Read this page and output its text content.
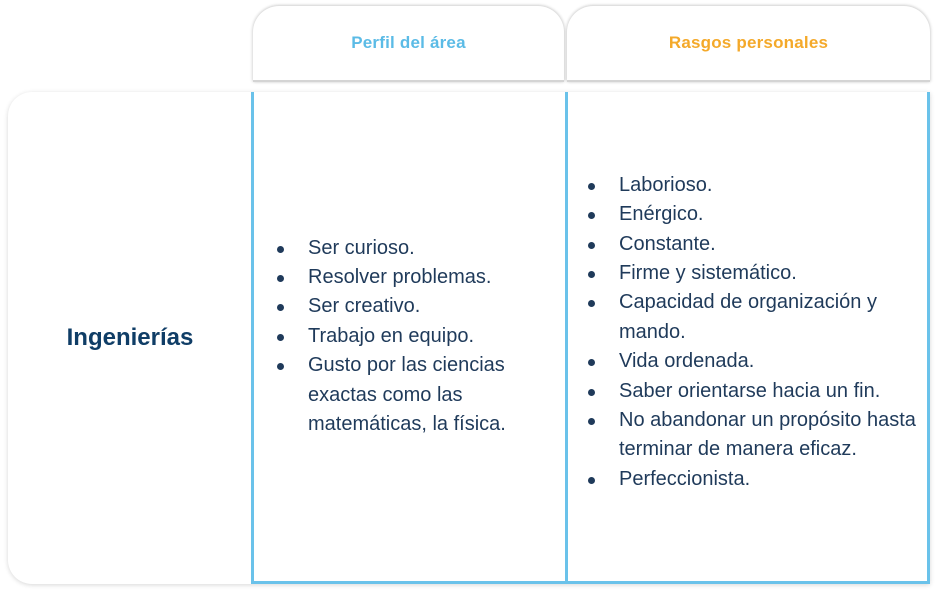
Perfil del área	Rasgos personales
Ingenierías
Ser curioso.
Resolver problemas.
Ser creativo.
Trabajo en equipo.
Gusto por las ciencias exactas como las matemáticas, la física.
Laborioso.
Enérgico.
Constante.
Firme y sistemático.
Capacidad de organización y mando.
Vida ordenada.
Saber orientarse hacia un fin.
No abandonar un propósito hasta terminar de manera eficaz.
Perfeccionista.
